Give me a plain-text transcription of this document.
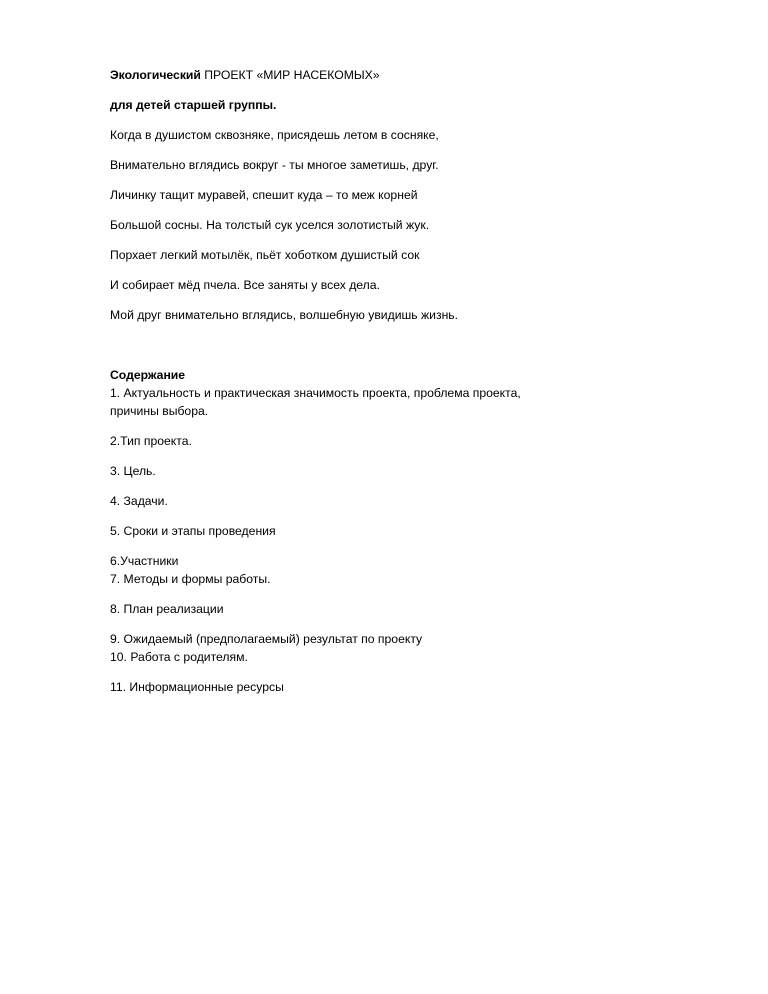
Экологический ПРОЕКТ «МИР НАСЕКОМЫХ»
для детей старшей группы.
Когда в душистом сквозняке, присядешь летом в сосняке,
Внимательно вглядись вокруг - ты многое заметишь, друг.
Личинку тащит муравей, спешит куда – то меж корней
Большой сосны. На толстый сук уселся золотистый жук.
Порхает легкий мотылёк, пьёт хоботком душистый сок
И собирает мёд пчела. Все заняты у всех дела.
Мой друг внимательно вглядись, волшебную увидишь жизнь.
Содержание
1. Актуальность и практическая значимость проекта, проблема проекта,
причины выбора.
2.Тип проекта.
3. Цель.
4. Задачи.
5. Сроки и этапы проведения
6.Участники
7. Методы и формы работы.
8. План реализации
9. Ожидаемый (предполагаемый) результат по проекту
10. Работа с родителям.
11. Информационные ресурсы
